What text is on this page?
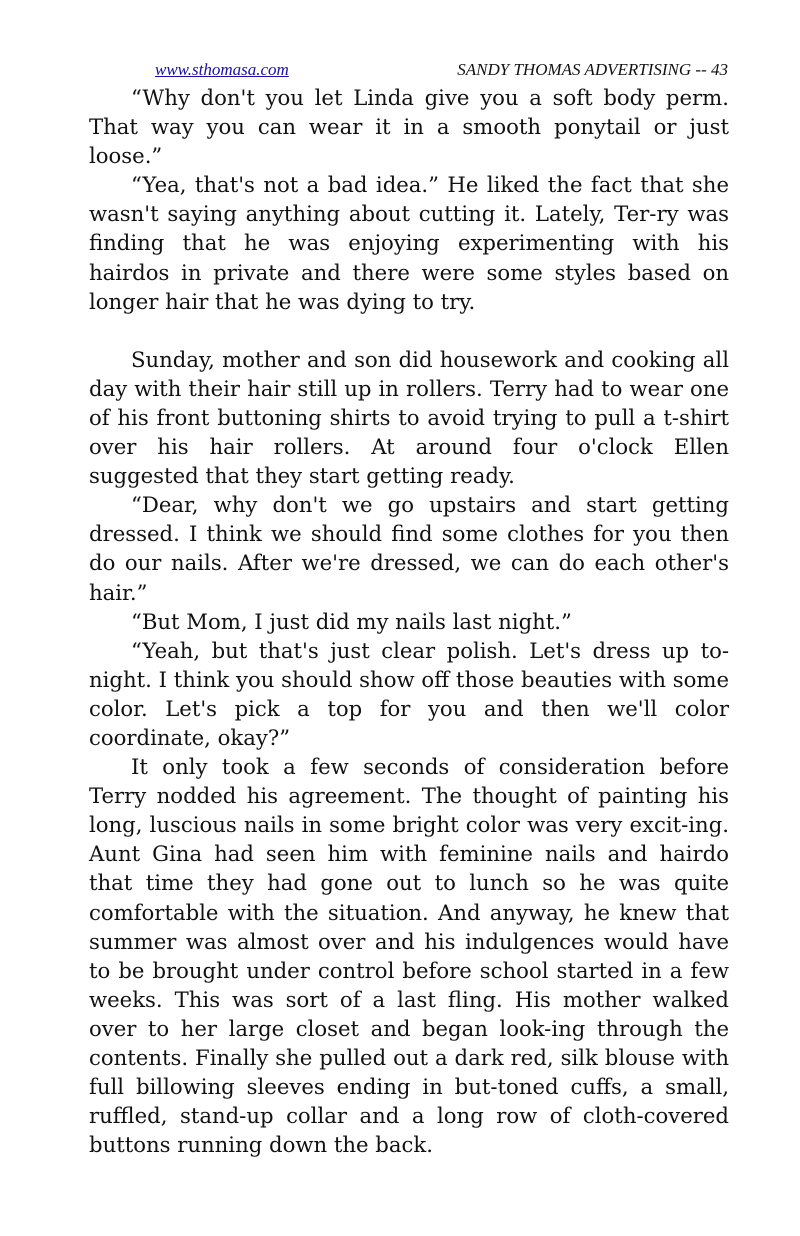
www.sthomasa.com	SANDY THOMAS ADVERTISING -- 43

“Why don't you let Linda give you a soft body perm. That way you can wear it in a smooth ponytail or just loose.”

“Yea, that's not a bad idea.” He liked the fact that she wasn't saying anything about cutting it. Lately, Ter-ry was finding that he was enjoying experimenting with his hairdos in private and there were some styles based on longer hair that he was dying to try.

Sunday, mother and son did housework and cooking all day with their hair still up in rollers. Terry had to wear one of his front buttoning shirts to avoid trying to pull a t-shirt over his hair rollers. At around four o'clock Ellen suggested that they start getting ready.

“Dear, why don't we go upstairs and start getting dressed. I think we should find some clothes for you then do our nails. After we're dressed, we can do each other's hair.”

“But Mom, I just did my nails last night.”

“Yeah, but that's just clear polish. Let's dress up to-night. I think you should show off those beauties with some color. Let's pick a top for you and then we'll color coordinate, okay?”

It only took a few seconds of consideration before Terry nodded his agreement. The thought of painting his long, luscious nails in some bright color was very excit-ing. Aunt Gina had seen him with feminine nails and hairdo that time they had gone out to lunch so he was quite comfortable with the situation. And anyway, he knew that summer was almost over and his indulgences would have to be brought under control before school started in a few weeks. This was sort of a last fling. His mother walked over to her large closet and began look-ing through the contents. Finally she pulled out a dark red, silk blouse with full billowing sleeves ending in but-toned cuffs, a small, ruffled, stand-up collar and a long row of cloth-covered buttons running down the back.
